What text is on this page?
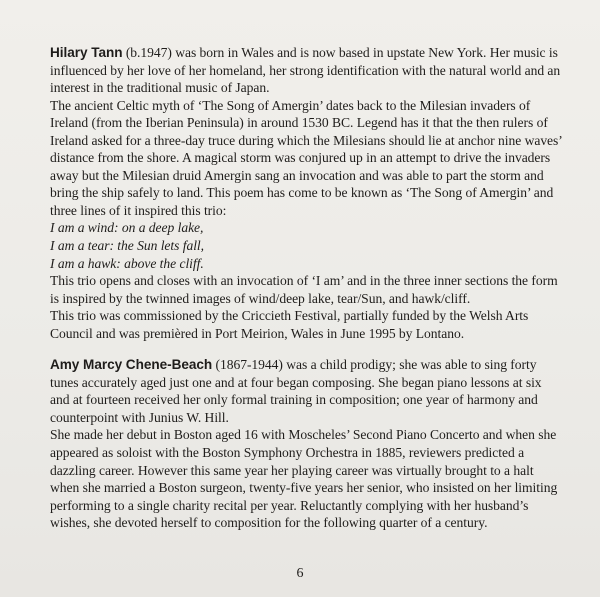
Hilary Tann (b.1947) was born in Wales and is now based in upstate New York. Her music is influenced by her love of her homeland, her strong identification with the natural world and an interest in the traditional music of Japan.

The ancient Celtic myth of ‘The Song of Amergin’ dates back to the Milesian invaders of Ireland (from the Iberian Peninsula) in around 1530 BC. Legend has it that the then rulers of Ireland asked for a three-day truce during which the Milesians should lie at anchor nine waves’ distance from the shore. A magical storm was conjured up in an attempt to drive the invaders away but the Milesian druid Amergin sang an invocation and was able to part the storm and bring the ship safely to land. This poem has come to be known as ‘The Song of Amergin’ and three lines of it inspired this trio:

I am a wind: on a deep lake,

I am a tear: the Sun lets fall,

I am a hawk: above the cliff.

This trio opens and closes with an invocation of ‘I am’ and in the three inner sections the form is inspired by the twinned images of wind/deep lake, tear/Sun, and hawk/cliff.

This trio was commissioned by the Criccieth Festival, partially funded by the Welsh Arts Council and was premièred in Port Meirion, Wales in June 1995 by Lontano.

Amy Marcy Chene-Beach (1867-1944) was a child prodigy; she was able to sing forty tunes accurately aged just one and at four began composing. She began piano lessons at six and at fourteen received her only formal training in composition; one year of harmony and counterpoint with Junius W. Hill.

She made her debut in Boston aged 16 with Moscheles’ Second Piano Concerto and when she appeared as soloist with the Boston Symphony Orchestra in 1885, reviewers predicted a dazzling career. However this same year her playing career was virtually brought to a halt when she married a Boston surgeon, twenty-five years her senior, who insisted on her limiting performing to a single charity recital per year. Reluctantly complying with her husband’s wishes, she devoted herself to composition for the following quarter of a century.

6
